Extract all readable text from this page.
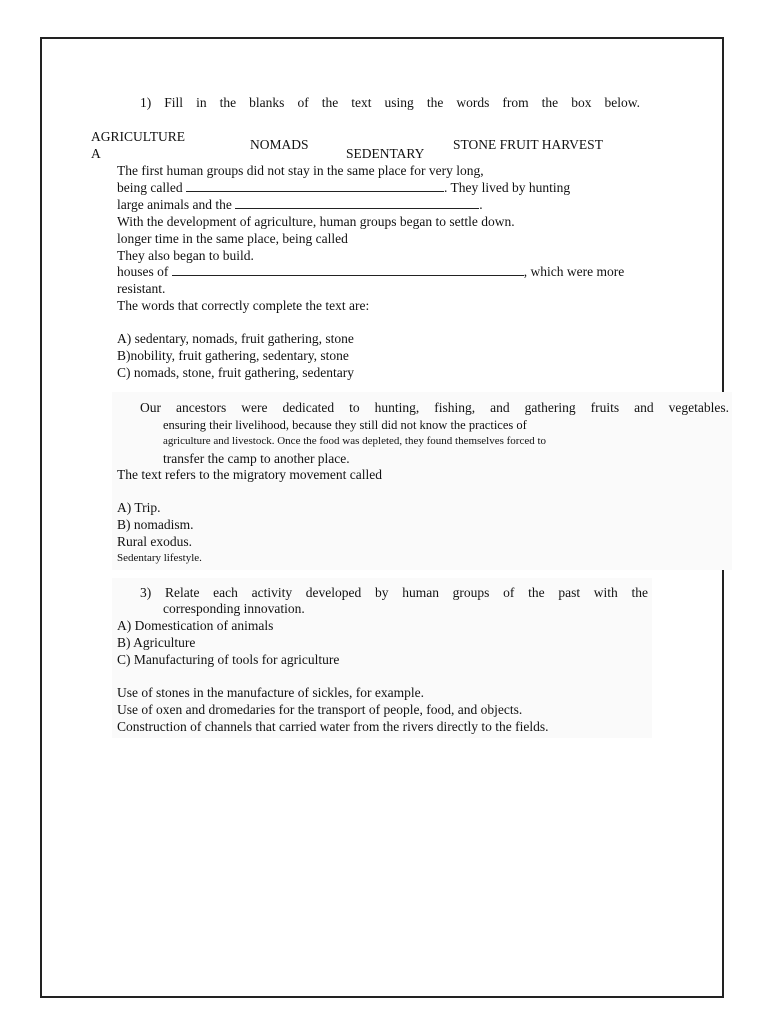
1) Fill in the blanks of the text using the words from the box below.
AGRICULTURE
A
NOMADS
SEDENTARY
STONE FRUIT HARVEST
The first human groups did not stay in the same place for very long,
being called	. They lived by hunting
large animals and the	.
With the development of agriculture, human groups began to settle down.
longer time in the same place, being called
They also began to build.
houses of	, which were more
resistant.
The words that correctly complete the text are:
A) sedentary, nomads, fruit gathering, stone
B)nobility, fruit gathering, sedentary, stone
C) nomads, stone, fruit gathering, sedentary
Our ancestors were dedicated to hunting, fishing, and gathering fruits and vegetables.
ensuring their livelihood, because they still did not know the practices of
agriculture and livestock. Once the food was depleted, they found themselves forced to
transfer the camp to another place.
The text refers to the migratory movement called
A) Trip.
B) nomadism.
Rural exodus.
Sedentary lifestyle.
3) Relate each activity developed by human groups of the past with the
corresponding innovation.
A) Domestication of animals
B) Agriculture
C) Manufacturing of tools for agriculture
Use of stones in the manufacture of sickles, for example.
Use of oxen and dromedaries for the transport of people, food, and objects.
Construction of channels that carried water from the rivers directly to the fields.
